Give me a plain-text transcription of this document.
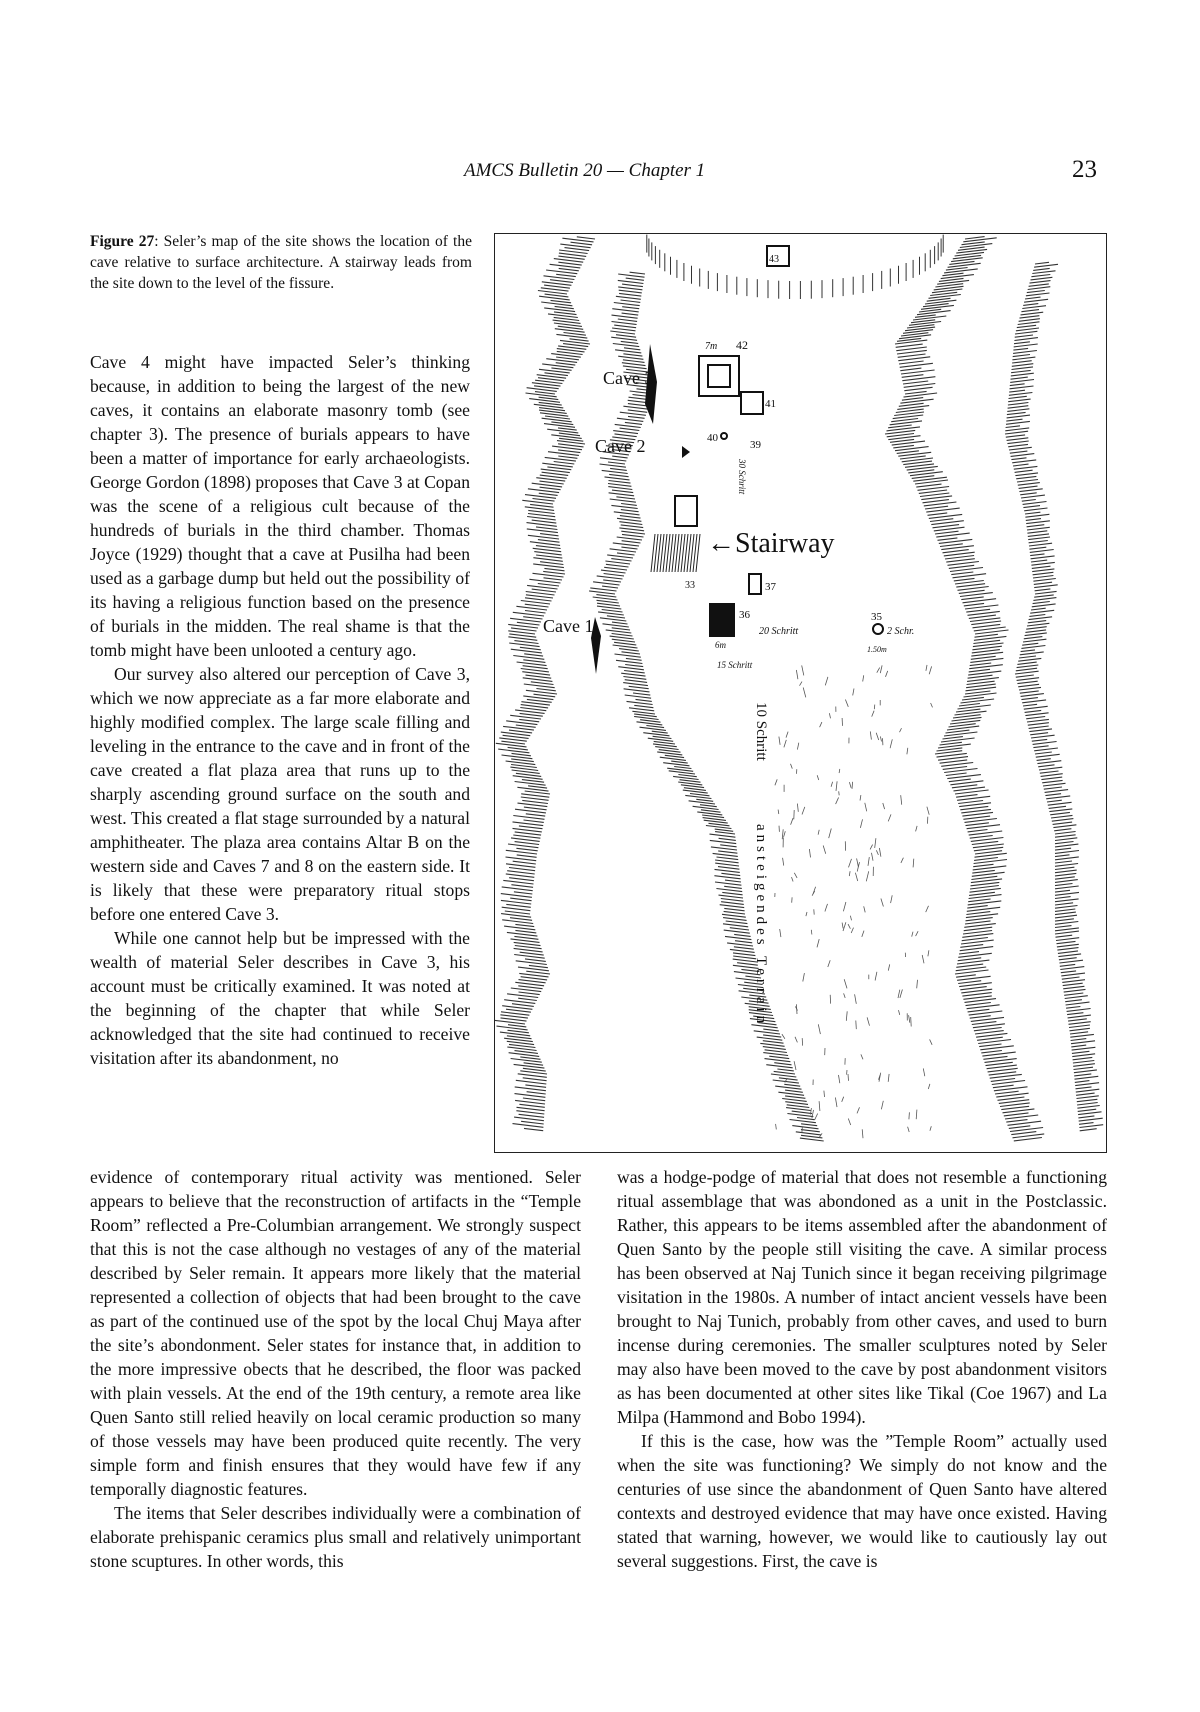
AMCS Bulletin 20 — Chapter 1	23
Figure 27: Seler’s map of the site shows the location of the cave relative to surface architecture. A stairway leads from the site down to the level of the fissure.

Cave 4 might have impacted Seler’s thinking because, in addition to being the largest of the new caves, it contains an elaborate masonry tomb (see chapter 3). The presence of burials appears to have been a matter of importance for early archaeologists. George Gordon (1898) proposes that Cave 3 at Copan was the scene of a religious cult because of the hundreds of burials in the third chamber. Thomas Joyce (1929) thought that a cave at Pusilha had been used as a garbage dump but held out the possibility of its having a religious function based on the presence of burials in the midden. The real shame is that the tomb might have been unlooted a century ago.

Our survey also altered our perception of Cave 3, which we now appreciate as a far more elaborate and highly modified complex. The large scale filling and leveling in the entrance to the cave and in front of the cave created a flat plaza area that runs up to the sharply ascending ground surface on the south and west. This created a flat stage surrounded by a natural amphitheater. The plaza area contains Altar B on the western side and Caves 7 and 8 on the eastern side. It is likely that these were preparatory ritual stops before one entered Cave 3.

While one cannot help but be impressed with the wealth of material Seler describes in Cave 3, his account must be critically examined. It was noted at the beginning of the chapter that while Seler acknowledged that the site had continued to receive visitation after its abandonment, no

evidence of contemporary ritual activity was mentioned. Seler appears to believe that the reconstruction of artifacts in the “Temple Room” reflected a Pre-Columbian arrangement. We strongly suspect that this is not the case although no vestages of any of the material described by Seler remain. It appears more likely that the material represented a collection of objects that had been brought to the cave as part of the continued use of the spot by the local Chuj Maya after the site’s abondonment. Seler states for instance that, in addition to the more impressive obects that he described, the floor was packed with plain vessels. At the end of the 19th century, a remote area like Quen Santo still relied heavily on local ceramic production so many of those vessels may have been produced quite recently. The very simple form and finish ensures that they would have few if any temporally diagnostic features.

The items that Seler describes individually were a combination of elaborate prehispanic ceramics plus small and relatively unimportant stone scuptures. In other words, this

was a hodge-podge of material that does not resemble a functioning ritual assemblage that was abondoned as a unit in the Postclassic. Rather, this appears to be items assembled after the abandonment of Quen Santo by the people still visiting the cave. A similar process has been observed at Naj Tunich since it began receiving pilgrimage visitation in the 1980s. A number of intact ancient vessels have been brought to Naj Tunich, probably from other caves, and used to burn incense during ceremonies. The smaller sculptures noted by Seler may also have been moved to the cave by post abandonment visitors as has been documented at other sites like Tikal (Coe 1967) and La Milpa (Hammond and Bobo 1994).

If this is the case, how was the ”Temple Room” actually used when the site was functioning? We simply do not know and the centuries of use since the abandonment of Quen Santo have altered contexts and destroyed evidence that may have once existed. Having stated that warning, however, we would like to cautiously lay out several suggestions. First, the cave is

43
7m 42
41
40
39
Cave 3
Cave 2
←Stairway
33	37
36
6m
20 Schritt
35
2 Schr.
1.50m
15 Schritt
Cave 1
30 Schritt
10 Schritt
ansteigendes Terrain
